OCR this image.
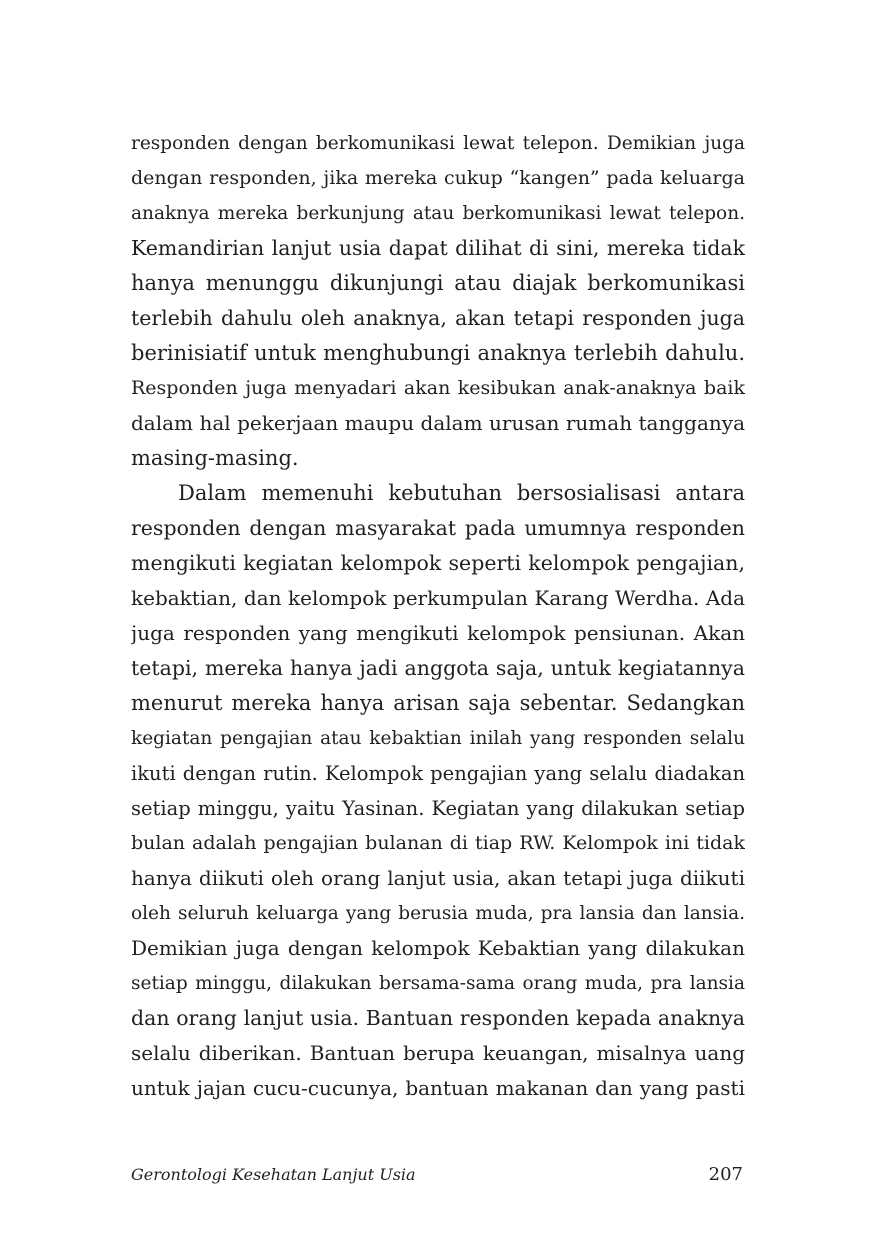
responden dengan berkomunikasi lewat telepon. Demikian juga
dengan responden, jika mereka cukup “kangen” pada keluarga
anaknya mereka berkunjung atau berkomunikasi lewat telepon.
Kemandirian lanjut usia dapat dilihat di sini, mereka tidak
hanya menunggu dikunjungi atau diajak berkomunikasi
terlebih dahulu oleh anaknya, akan tetapi responden juga
berinisiatif untuk menghubungi anaknya terlebih dahulu.
Responden juga menyadari akan kesibukan anak-anaknya baik
dalam hal pekerjaan maupu dalam urusan rumah tangganya
masing-masing.
Dalam memenuhi kebutuhan bersosialisasi antara
responden dengan masyarakat pada umumnya responden
mengikuti kegiatan kelompok seperti kelompok pengajian,
kebaktian, dan kelompok perkumpulan Karang Werdha. Ada
juga responden yang mengikuti kelompok pensiunan. Akan
tetapi, mereka hanya jadi anggota saja, untuk kegiatannya
menurut mereka hanya arisan saja sebentar. Sedangkan
kegiatan pengajian atau kebaktian inilah yang responden selalu
ikuti dengan rutin. Kelompok pengajian yang selalu diadakan
setiap minggu, yaitu Yasinan. Kegiatan yang dilakukan setiap
bulan adalah pengajian bulanan di tiap RW. Kelompok ini tidak
hanya diikuti oleh orang lanjut usia, akan tetapi juga diikuti
oleh seluruh keluarga yang berusia muda, pra lansia dan lansia.
Demikian juga dengan kelompok Kebaktian yang dilakukan
setiap minggu, dilakukan bersama-sama orang muda, pra lansia
dan orang lanjut usia. Bantuan responden kepada anaknya
selalu diberikan. Bantuan berupa keuangan, misalnya uang
untuk jajan cucu-cucunya, bantuan makanan dan yang pasti
Gerontologi Kesehatan Lanjut Usia	207
